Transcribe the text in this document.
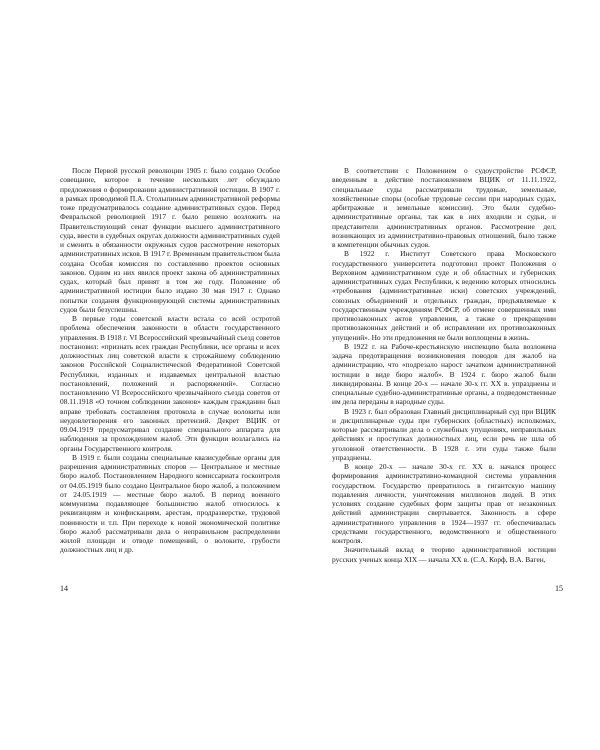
После Первой русской революции 1905 г. было создано Особое совещание, которое в течение нескольких лет обсуждало предложения о формировании административной юстиции. В 1907 г. в рамках проводимой П.А. Столыпиным административной реформы тоже предусматривалось создание административных судов. Перед Февральской революцией 1917 г. было решено возложить на Правительствующий сенат функции высшего административного суда, ввести в судебных округах должности административных судей и сменить в обязанности окружных судов рассмотрение некоторых административных исков. В 1917 г. Временным правительством была создана Особая комиссия по составлению проектов основных законов. Одним из них явился проект закона об административных судах, который был принят в том же году. Положение об административной юстиции было издано 30 мая 1917 г. Однако попытки создания функционирующей системы административных судов были безуспешны.

В первые годы советской власти встала со всей остротой проблема обеспечения законности в области государственного управления. В 1918 г. VI Всероссийский чрезвычайный съезд советов постановил: «признать всех граждан Республики, все органы и всех должностных лиц советской власти к строжайшему соблюдению законов Российской Социалистической Федеративной Советской Республики, изданных и издаваемых центральной властью постановлений, положений и распоряжений». Согласно постановлению VI Всероссийского чрезвычайного съезда советов от 08.11.1918 «О точном соблюдении законов» каждым гражданин был вправе требовать составления протокола в случае волокиты или неудовлетворения его законных претензий. Декрет ВЦИК от 09.04.1919 предусматривал создание специального аппарата для наблюдения за прохождением жалоб. Эти функции возлагались на органы Государственного контроля.

В 1919 г. были созданы специальные квазисудебные органы для разрешения административных споров — Центральное и местные бюро жалоб. Постановлением Народного комиссариата госконтроля от 04.05.1919 было создано Центральное бюро жалоб, а положением от 24.05.1919 — местные бюро жалоб. В период военного коммунизма подавляющее большинство жалоб относилось к реквизициям и конфискациям, арестам, продразверстке, трудовой повинности и т.п. При переходе к новой экономической политике бюро жалоб рассматривали дела о неправильном распределении жилой площади и отводе помещений, о волоките, грубости должностных лиц и др.

14

В соответствии с Положением о судоустройстве РСФСР, введенным в действие постановлением ВЦИК от 11.11.1922, специальные суды рассматривали трудовые, земельные, хозяйственные споры (особые трудовые сессии при народных судах, арбитражные и земельные комиссии). Это были судебно-административные органы, так как в них входили и судьи, и представители административных органов. Рассмотрение дел, возникающих из административно-правовых отношений, было также в компетенции обычных судов.

В 1922 г. Институт Советского права Московского государственного университета подготовил проект Положения о Верховном административном суде и об областных и губернских административных судах Республики, к ведению которых относились «требования (административные иски) советских учреждений, союзных объединений и отдельных граждан, предъявляемые к государственным учреждениям РСФСР, об отмене совершенных ими противозаконных актов управления, а также о прекращении противозаконных действий и об исправлении их противозаконных упущений». Но эти предложения не были воплощены в жизнь.

В 1922 г. на Рабоче-крестьянскую инспекцию была возложена задача предотвращения возникновения поводов для жалоб на администрацию, что «подрезало нарост зачатком административной юстиции в виде бюро жалоб». В 1924 г. бюро жалоб были ликвидированы. В конце 20-х — начале 30-х гг. XX в. упразднены и специальные судебно-административные органы, а подведомственные им дела переданы в народные суды.

В 1923 г. был образован Главный дисциплинарный суд при ВЦИК и дисциплинарные суды при губернских (областных) исполкомах, которые рассматривали дела о служебных упущениях, неправильных действиях и проступках должностных лиц, если речь не шла об уголовной ответственности. В 1928 г. эти суды также были упразднены.

В конце 20-х — начале 30-х гг. XX в. начался процесс формирования административно-командной системы управления государством. Государство превратилось в гигантскую машину подавления личности, уничтожения миллионов людей. В этих условиях создание судебных форм защиты прав от незаконных действий администрации свертывается. Законность в сфере административного управления в 1924—1937 гг. обеспечивалась средствами государственного, ведомственного и общественного контроля.

Значительный вклад в теорию административной юстиции русских ученых конца XIX — начала XX в. (С.А. Корф, В.А. Ваген,

15
